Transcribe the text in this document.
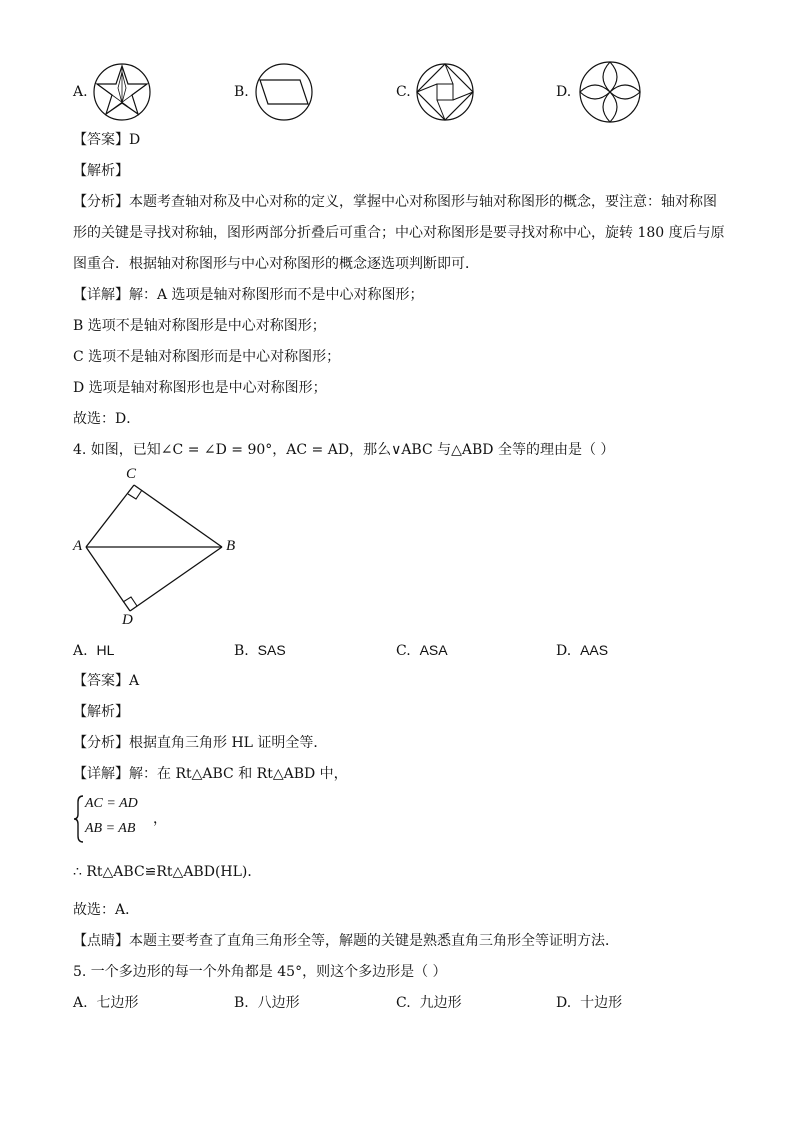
A.	B.	C.	D.
【答案】D
【解析】
【分析】本题考查轴对称及中心对称的定义，掌握中心对称图形与轴对称图形的概念，要注意：轴对称图
形的关键是寻找对称轴，图形两部分折叠后可重合；中心对称图形是要寻找对称中心，旋转 180 度后与原
图重合．根据轴对称图形与中心对称图形的概念逐选项判断即可．
【详解】解：A 选项是轴对称图形而不是中心对称图形；
B 选项不是轴对称图形是中心对称图形；
C 选项不是轴对称图形而是中心对称图形；
D 选项是轴对称图形也是中心对称图形；
故选：D．
4. 如图，已知∠C = ∠D = 90°，AC = AD，那么∨ABC 与△ABD 全等的理由是（ ）
C
A	B
D
A. HL	B. SAS	C. ASA	D. AAS
【答案】A
【解析】
【分析】根据直角三角形 HL 证明全等．
【详解】解：在 Rt△ABC 和 Rt△ABD 中，
AC = AD
AB = AB
，
∴ Rt△ABC≌Rt△ABD(HL)．
故选：A．
【点睛】本题主要考查了直角三角形全等，解题的关键是熟悉直角三角形全等证明方法．
5. 一个多边形的每一个外角都是 45°，则这个多边形是（ ）
A. 七边形	B. 八边形	C. 九边形	D. 十边形
